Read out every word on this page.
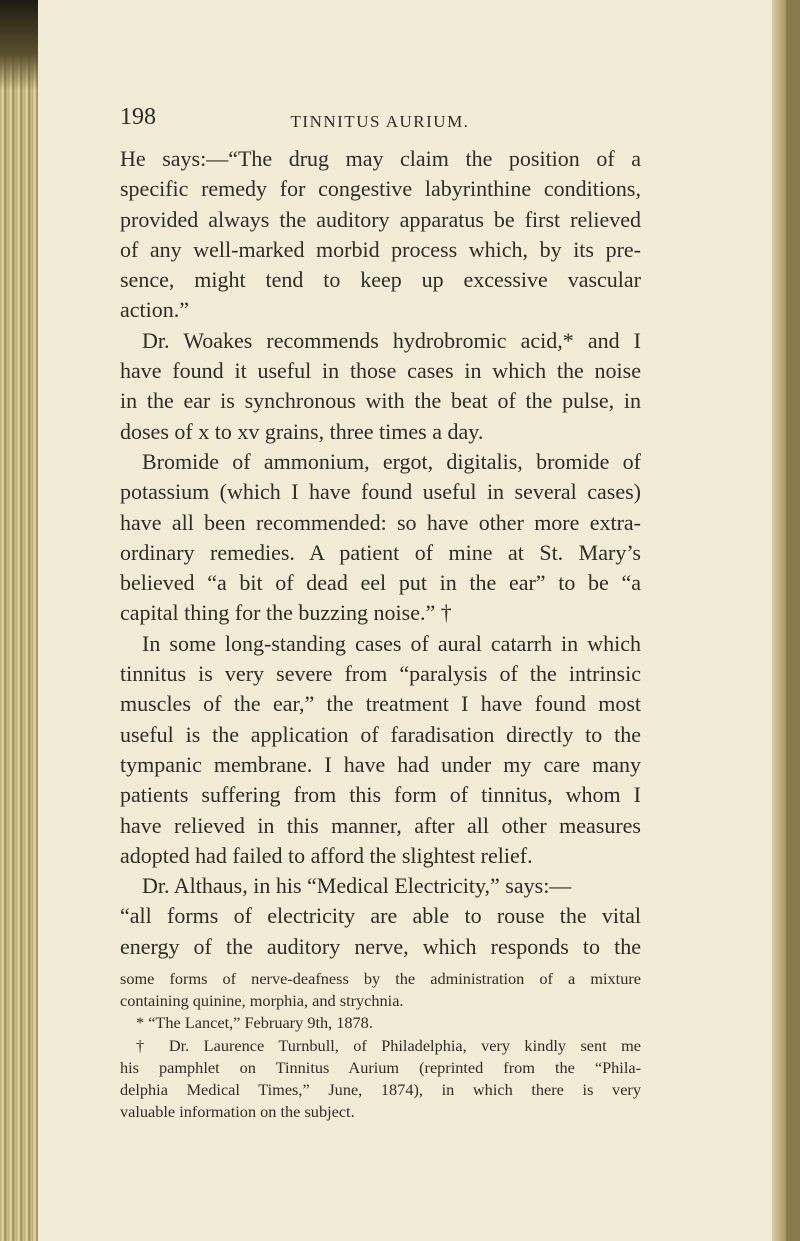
198	TINNITUS AURIUM.
He says:—“The drug may claim the position of a
specific remedy for congestive labyrinthine conditions,
provided always the auditory apparatus be first relieved
of any well-marked morbid process which, by its pre-
sence, might tend to keep up excessive vascular
action.”
Dr. Woakes recommends hydrobromic acid,* and I
have found it useful in those cases in which the noise
in the ear is synchronous with the beat of the pulse, in
doses of x to xv grains, three times a day.
Bromide of ammonium, ergot, digitalis, bromide of
potassium (which I have found useful in several cases)
have all been recommended: so have other more extra-
ordinary remedies. A patient of mine at St. Mary’s
believed “a bit of dead eel put in the ear” to be “a
capital thing for the buzzing noise.” †
In some long-standing cases of aural catarrh in which
tinnitus is very severe from “paralysis of the intrinsic
muscles of the ear,” the treatment I have found most
useful is the application of faradisation directly to the
tympanic membrane. I have had under my care many
patients suffering from this form of tinnitus, whom I
have relieved in this manner, after all other measures
adopted had failed to afford the slightest relief.
Dr. Althaus, in his “Medical Electricity,” says:—
“all forms of electricity are able to rouse the vital
energy of the auditory nerve, which responds to the
some forms of nerve-deafness by the administration of a mixture
containing quinine, morphia, and strychnia.
* “The Lancet,” February 9th, 1878.
† Dr. Laurence Turnbull, of Philadelphia, very kindly sent me
his pamphlet on Tinnitus Aurium (reprinted from the “Phila-
delphia Medical Times,” June, 1874), in which there is very
valuable information on the subject.
